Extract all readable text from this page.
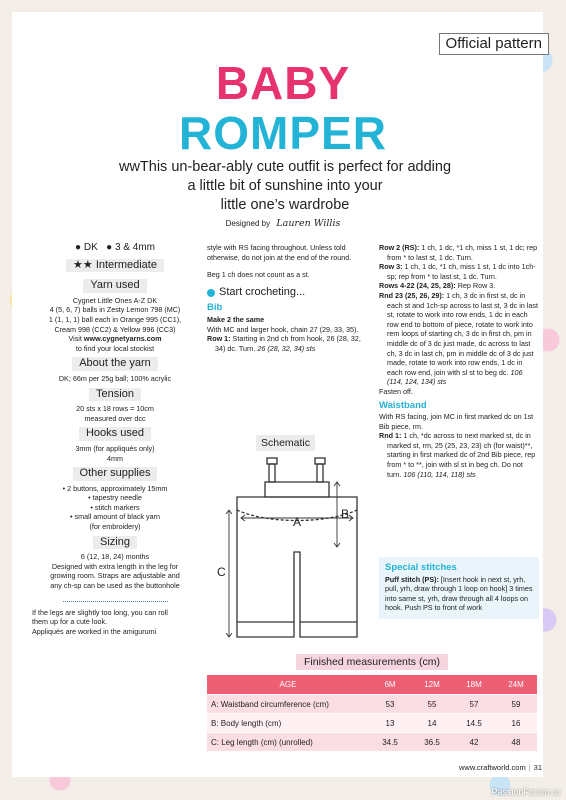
Official pattern
BABY
ROMPER
wwThis un-bear-ably cute outfit is perfect for adding
a little bit of sunshine into your
little one’s wardrobe
Designed by Lauren Willis
● DK ● 3 & 4mm
★★ Intermediate
Yarn used

Cygnet Little Ones A-Z DK

4 (5, 6, 7) balls in Zesty Lemon 798 (MC)

1 (1, 1, 1) ball each in Orange 995 (CC1),

Cream 998 (CC2) & Yellow 996 (CC3)

Visit www.cygnetyarns.com

to find your local stockist

About the yarn

DK; 66m per 25g ball; 100% acrylic

Tension

20 sts x 18 rows = 10cm

measured over dcc

Hooks used

3mm (for appliqués only)

4mm

Other supplies

• 2 buttons, approximately 15mm

• tapestry needle

• stitch markers

• small amount of black yarn

(for embroidery)

Sizing

6 (12, 18, 24) months

Designed with extra length in the leg for

growing room. Straps are adjustable and

any ch-sp can be used as the buttonhole

If the legs are slightly too long, you can roll

them up for a cute look.

Appliqués are worked in the amigurumi

style with RS facing throughout. Unless told otherwise, do not join at the end of the round.

Beg 1 ch does not count as a st.

Start crocheting...
Bib
Make 2 the same

With MC and larger hook, chain 27 (29, 33, 35).

Row 1: Starting in 2nd ch from hook, 26 (28, 32, 34) dc. Turn. 26 (28, 32, 34) sts

Schematic
A
B
C

Row 2 (RS): 1 ch, 1 dc, *1 ch, miss 1 st, 1 dc; rep from * to last st, 1 dc. Turn.

Row 3: 1 ch, 1 dc, *1 ch, miss 1 st, 1 dc into 1ch-sp; rep from * to last st, 1 dc. Turn.

Rows 4-22 (24, 25, 28): Rep Row 3.

Rnd 23 (25, 26, 29): 1 ch, 3 dc in first st, dc in each st and 1ch-sp across to last st, 3 dc in last st, rotate to work into row ends, 1 dc in each row end to bottom of piece, rotate to work into rem loops of starting ch, 3 dc in first ch, pm in middle dc of 3 dc just made, dc across to last ch, 3 dc in last ch, pm in middle dc of 3 dc just made, rotate to work into row ends, 1 dc in each row end, join with sl st to beg dc. 106 (114, 124, 134) sts

Fasten off.

Waistband

With RS facing, join MC in first marked dc on 1st Bib piece, rm.

Rnd 1: 1 ch, *dc across to next marked st, dc in marked st, rm, 25 (25, 23, 23) ch (for waist)**, starting in first marked dc of 2nd Bib piece, rep from * to **, join with sl st in beg ch. Do not turn. 106 (110, 114, 118) sts

Special stitches

Puff stitch (PS): [Insert hook in next st, yrh, pull, yrh, draw through 1 loop on hook] 3 times into same st, yrh, draw through all 4 loops on hook. Push PS to front of work

Finished measurements (cm)
AGE	6M	12M	18M	24M
A: Waistband circumference (cm)	53	55	57	59
B: Body length (cm)	13	14	14.5	16
C: Leg length (cm) (unrolled)	34.5	36.5	42	48
www.craftworld.com | 31
PassionForum.ru
